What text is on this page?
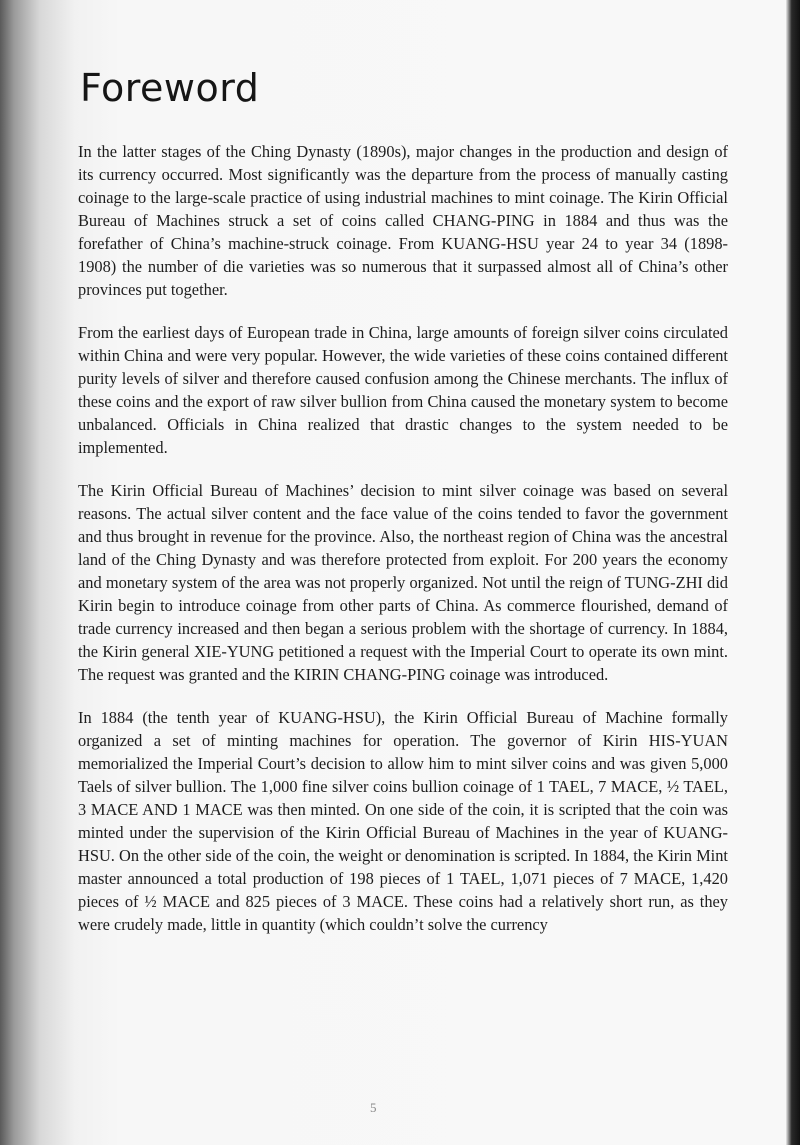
Foreword

In the latter stages of the Ching Dynasty (1890s), major changes in the production and design of its currency occurred. Most significantly was the departure from the process of manually casting coinage to the large-scale practice of using industrial machines to mint coinage. The Kirin Official Bureau of Machines struck a set of coins called CHANG-PING in 1884 and thus was the forefather of China’s machine-struck coinage. From KUANG-HSU year 24 to year 34 (1898-1908) the number of die varieties was so numerous that it surpassed almost all of China’s other provinces put together.

From the earliest days of European trade in China, large amounts of foreign silver coins circulated within China and were very popular. However, the wide varieties of these coins contained different purity levels of silver and therefore caused confusion among the Chinese merchants. The influx of these coins and the export of raw silver bullion from China caused the monetary system to become unbalanced. Officials in China realized that drastic changes to the system needed to be implemented.

The Kirin Official Bureau of Machines’ decision to mint silver coinage was based on several reasons. The actual silver content and the face value of the coins tended to favor the government and thus brought in revenue for the province. Also, the northeast region of China was the ancestral land of the Ching Dynasty and was therefore protected from exploit. For 200 years the economy and monetary system of the area was not properly organized. Not until the reign of TUNG-ZHI did Kirin begin to introduce coinage from other parts of China. As commerce flourished, demand of trade currency increased and then began a serious problem with the shortage of currency. In 1884, the Kirin general XIE-YUNG petitioned a request with the Imperial Court to operate its own mint. The request was granted and the KIRIN CHANG-PING coinage was introduced.

In 1884 (the tenth year of KUANG-HSU), the Kirin Official Bureau of Machine formally organized a set of minting machines for operation. The governor of Kirin HIS-YUAN memorialized the Imperial Court’s decision to allow him to mint silver coins and was given 5,000 Taels of silver bullion. The 1,000 fine silver coins bullion coinage of 1 TAEL, 7 MACE, ½ TAEL, 3 MACE AND 1 MACE was then minted. On one side of the coin, it is scripted that the coin was minted under the supervision of the Kirin Official Bureau of Machines in the year of KUANG-HSU. On the other side of the coin, the weight or denomination is scripted. In 1884, the Kirin Mint master announced a total production of 198 pieces of 1 TAEL, 1,071 pieces of 7 MACE, 1,420 pieces of ½ MACE and 825 pieces of 3 MACE. These coins had a relatively short run, as they were crudely made, little in quantity (which couldn’t solve the currency

5
